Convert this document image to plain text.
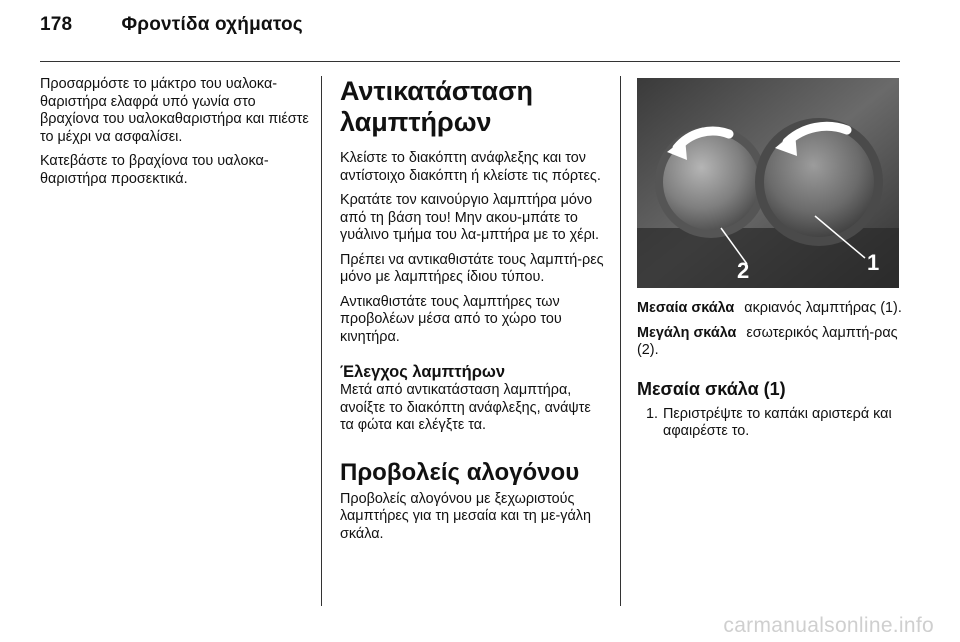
178	Φροντίδα οχήματος

Προσαρμόστε το μάκτρο του υαλοκα-θαριστήρα ελαφρά υπό γωνία στο βραχίονα του υαλοκαθαριστήρα και πιέστε το μέχρι να ασφαλίσει.

Κατεβάστε το βραχίονα του υαλοκα-θαριστήρα προσεκτικά.

Αντικατάσταση λαμπτήρων

Κλείστε το διακόπτη ανάφλεξης και τον αντίστοιχο διακόπτη ή κλείστε τις πόρτες.

Κρατάτε τον καινούργιο λαμπτήρα μόνο από τη βάση του! Μην ακου-μπάτε το γυάλινο τμήμα του λα-μπτήρα με το χέρι.

Πρέπει να αντικαθιστάτε τους λαμπτή-ρες μόνο με λαμπτήρες ίδιου τύπου.

Αντικαθιστάτε τους λαμπτήρες των προβολέων μέσα από το χώρο του κινητήρα.

Έλεγχος λαμπτήρων

Μετά από αντικατάσταση λαμπτήρα, ανοίξτε το διακόπτη ανάφλεξης, ανάψτε τα φώτα και ελέγξτε τα.

Προβολείς αλογόνου

Προβολείς αλογόνου με ξεχωριστούς λαμπτήρες για τη μεσαία και τη με-γάλη σκάλα.

2	1

Μεσαία σκάλα ακριανός λαμπτήρας (1).

Μεγάλη σκάλα εσωτερικός λαμπτή-ρας (2).

Μεσαία σκάλα (1)
1. Περιστρέψτε το καπάκι αριστερά και αφαιρέστε το.
carmanualsonline.info
